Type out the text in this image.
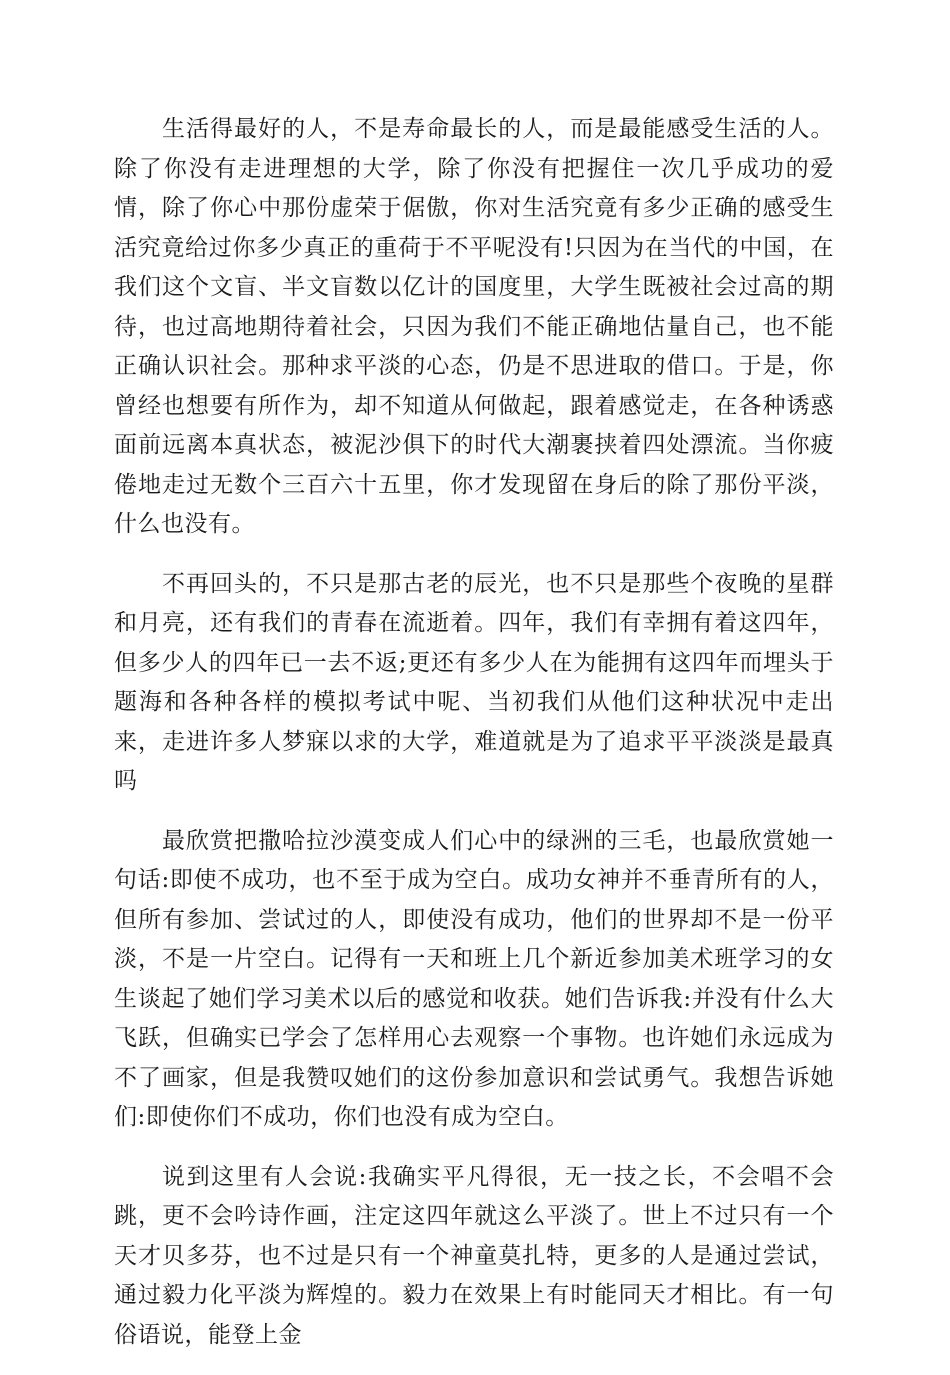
生活得最好的人，不是寿命最长的人，而是最能感受生活的人。除了你没有走进理想的大学，除了你没有把握住一次几乎成功的爱情，除了你心中那份虚荣于倨傲，你对生活究竟有多少正确的感受生活究竟给过你多少真正的重荷于不平呢没有!只因为在当代的中国，在我们这个文盲、半文盲数以亿计的国度里，大学生既被社会过高的期待，也过高地期待着社会，只因为我们不能正确地估量自己，也不能正确认识社会。那种求平淡的心态，仍是不思进取的借口。于是，你曾经也想要有所作为，却不知道从何做起，跟着感觉走，在各种诱惑面前远离本真状态，被泥沙俱下的时代大潮裹挟着四处漂流。当你疲倦地走过无数个三百六十五里，你才发现留在身后的除了那份平淡，什么也没有。

不再回头的，不只是那古老的辰光，也不只是那些个夜晚的星群和月亮，还有我们的青春在流逝着。四年，我们有幸拥有着这四年，但多少人的四年已一去不返;更还有多少人在为能拥有这四年而埋头于题海和各种各样的模拟考试中呢、当初我们从他们这种状况中走出来，走进许多人梦寐以求的大学，难道就是为了追求平平淡淡是最真吗

最欣赏把撒哈拉沙漠变成人们心中的绿洲的三毛，也最欣赏她一句话:即使不成功，也不至于成为空白。成功女神并不垂青所有的人，但所有参加、尝试过的人，即使没有成功，他们的世界却不是一份平淡，不是一片空白。记得有一天和班上几个新近参加美术班学习的女生谈起了她们学习美术以后的感觉和收获。她们告诉我:并没有什么大飞跃，但确实已学会了怎样用心去观察一个事物。也许她们永远成为不了画家，但是我赞叹她们的这份参加意识和尝试勇气。我想告诉她们:即使你们不成功，你们也没有成为空白。

说到这里有人会说:我确实平凡得很，无一技之长，不会唱不会跳，更不会吟诗作画，注定这四年就这么平淡了。世上不过只有一个天才贝多芬，也不过是只有一个神童莫扎特，更多的人是通过尝试，通过毅力化平淡为辉煌的。毅力在效果上有时能同天才相比。有一句俗语说，能登上金
